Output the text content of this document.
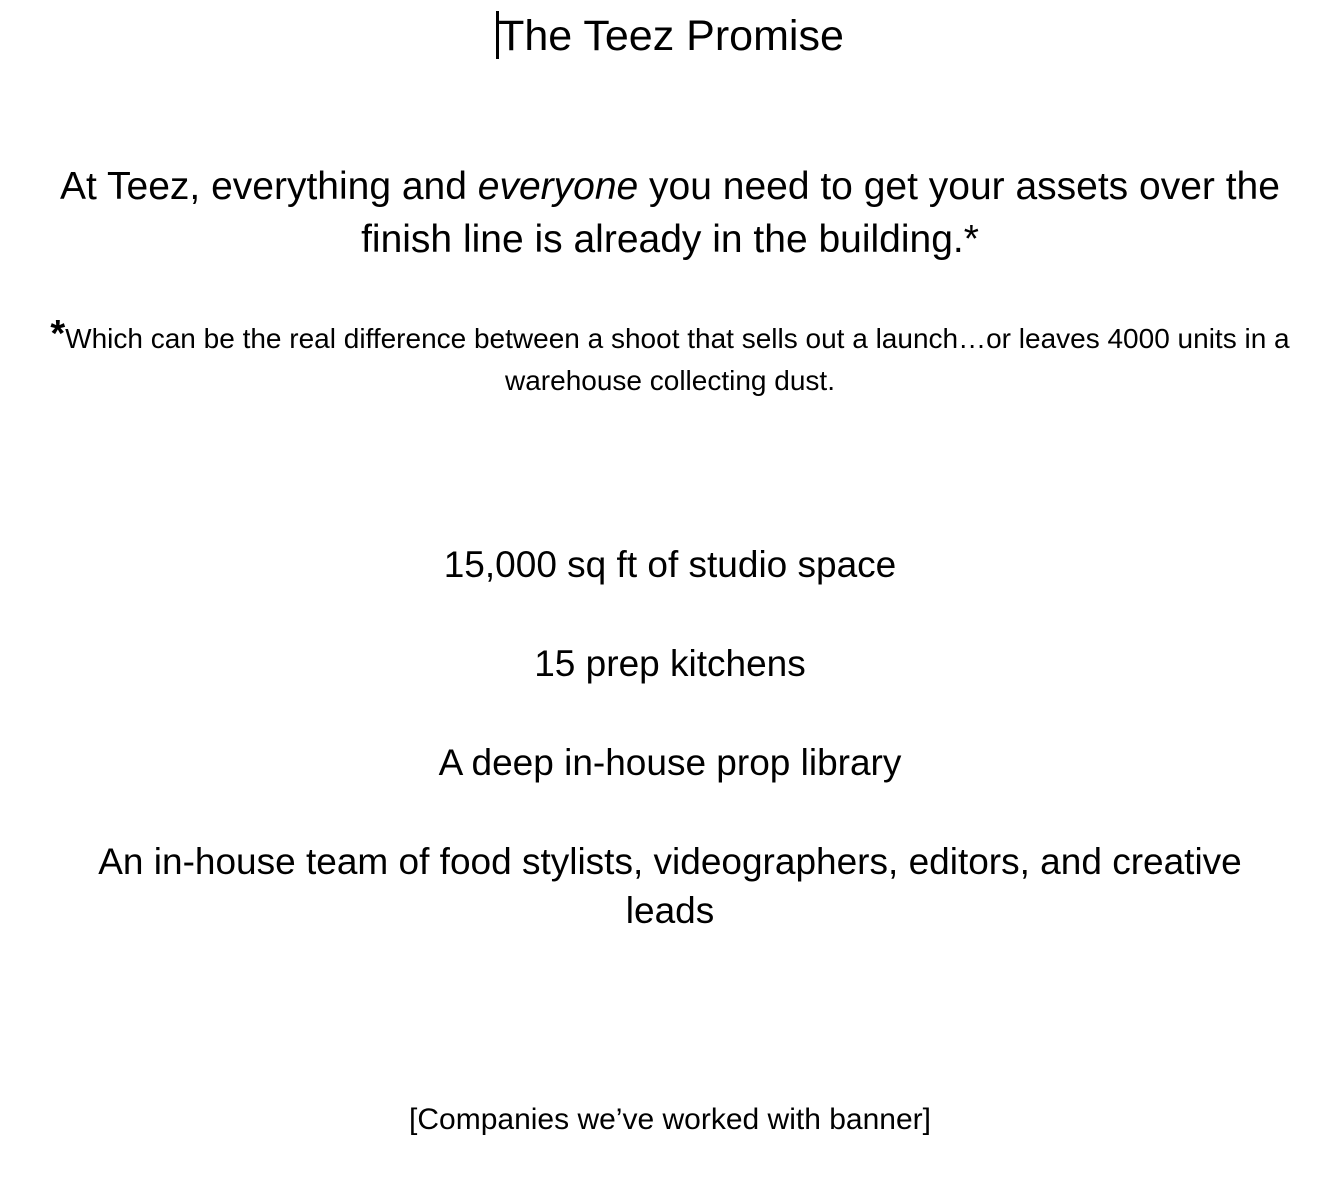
The Teez Promise

At Teez, everything and everyone you need to get your assets over the finish line is already in the building.*

*Which can be the real difference between a shoot that sells out a launch…or leaves 4000 units in a warehouse collecting dust.

15,000 sq ft of studio space
15 prep kitchens
A deep in-house prop library
An in-house team of food stylists, videographers, editors, and creative leads
[Companies we’ve worked with banner]
